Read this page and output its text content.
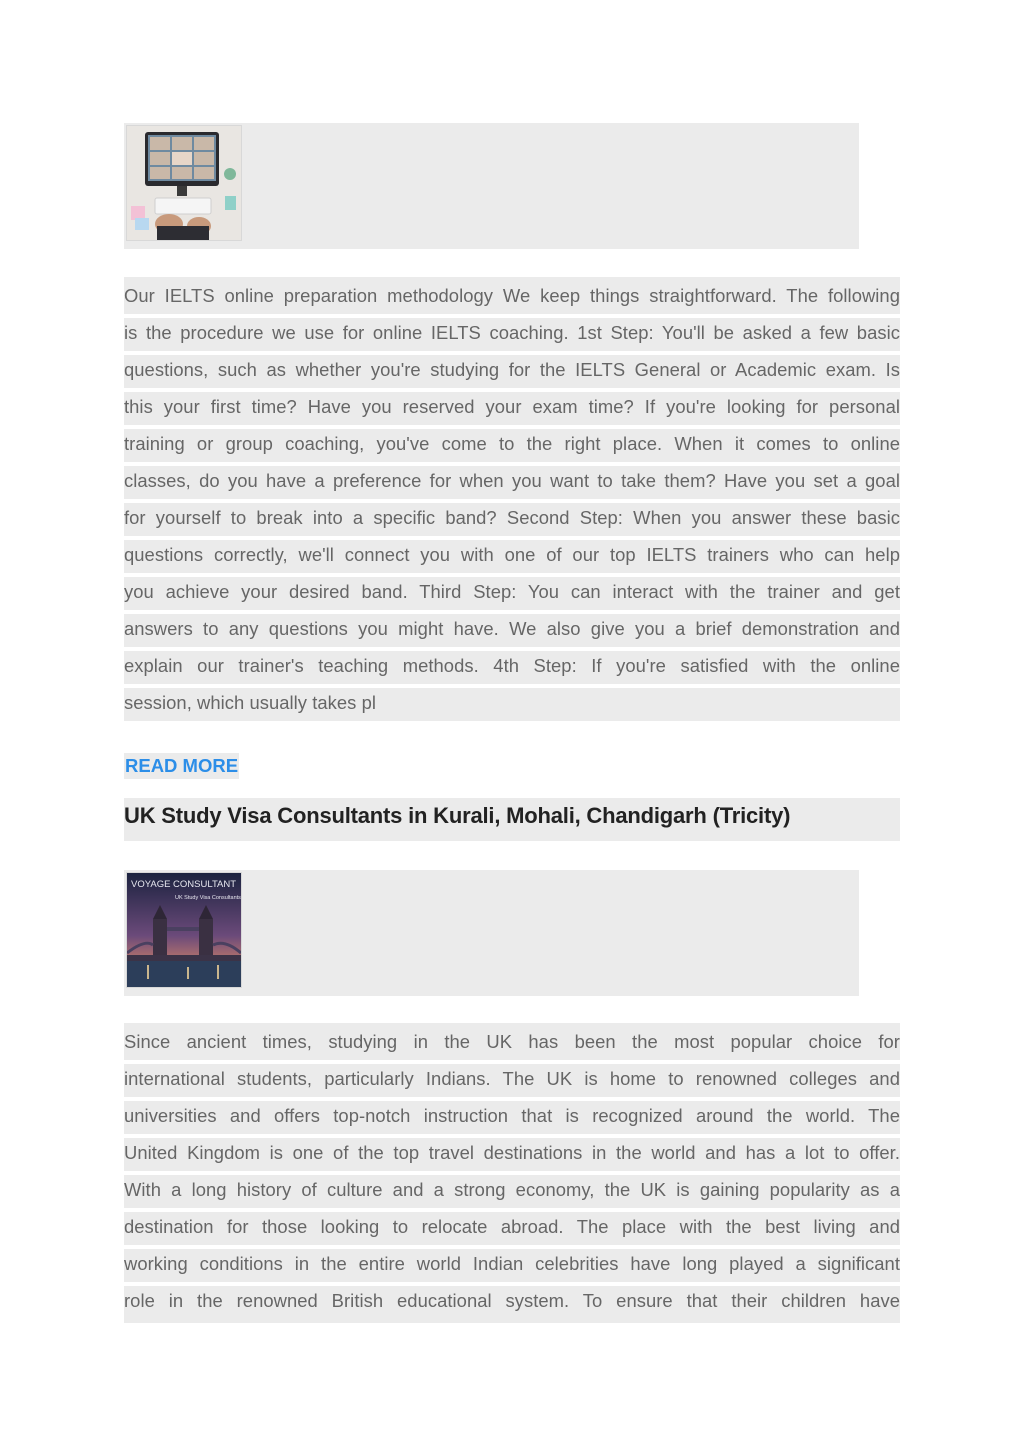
Our IELTS online preparation methodology We keep things straightforward. The following
is the procedure we use for online IELTS coaching. 1st Step: You'll be asked a few basic
questions, such as whether you're studying for the IELTS General or Academic exam. Is
this your first time? Have you reserved your exam time? If you're looking for personal
training or group coaching, you've come to the right place. When it comes to online
classes, do you have a preference for when you want to take them? Have you set a goal
for yourself to break into a specific band? Second Step: When you answer these basic
questions correctly, we'll connect you with one of our top IELTS trainers who can help
you achieve your desired band. Third Step: You can interact with the trainer and get
answers to any questions you might have. We also give you a brief demonstration and
explain our trainer's teaching methods. 4th Step: If you're satisfied with the online
session, which usually takes pl

READ MORE
UK Study Visa Consultants in Kurali, Mohali, Chandigarh (Tricity)
VOYAGE CONSULTANT
UK Study Visa Consultants

Since ancient times, studying in the UK has been the most popular choice for
international students, particularly Indians. The UK is home to renowned colleges and
universities and offers top-notch instruction that is recognized around the world. The
United Kingdom is one of the top travel destinations in the world and has a lot to offer.
With a long history of culture and a strong economy, the UK is gaining popularity as a
destination for those looking to relocate abroad. The place with the best living and
working conditions in the entire world Indian celebrities have long played a significant
role in the renowned British educational system. To ensure that their children have
